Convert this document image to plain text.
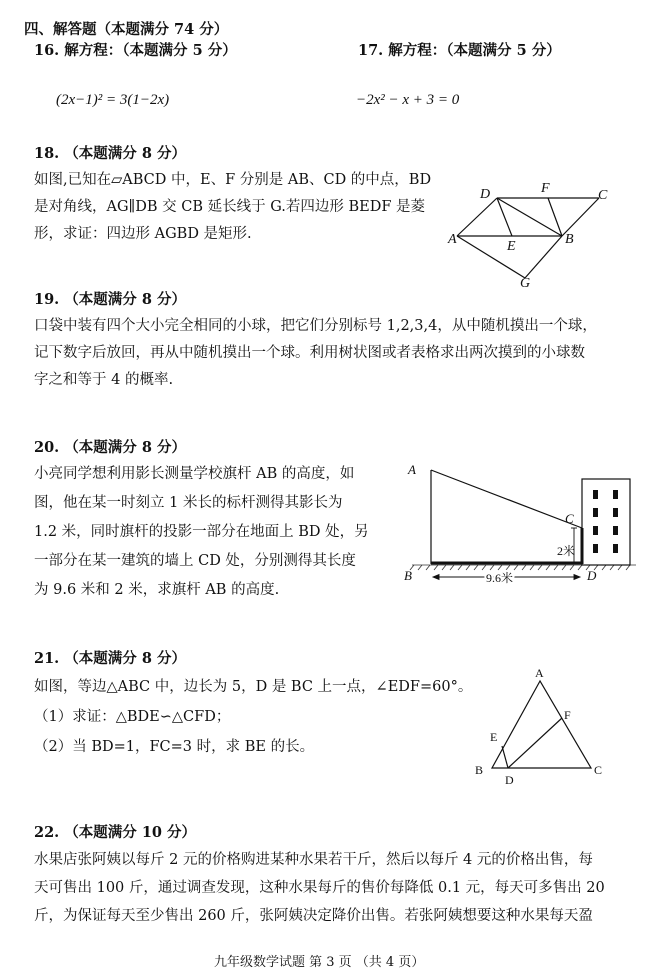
四、解答题（本题满分 74 分）
16. 解方程：（本题满分 5 分）	17. 解方程：（本题满分 5 分）
(2x−1)² = 3(1−2x)	−2x² − x + 3 = 0
18. （本题满分 8 分）
如图,已知在▱ABCD 中，E、F 分别是 AB、CD 的中点，BD
是对角线，AG∥DB 交 CB 延长线于 G.若四边形 BEDF 是菱
形，求证：四边形 AGBD 是矩形.
D	F	C
A	E	B
G
19. （本题满分 8 分）
口袋中装有四个大小完全相同的小球，把它们分别标号 1,2,3,4，从中随机摸出一个球，
记下数字后放回，再从中随机摸出一个球。利用树状图或者表格求出两次摸到的小球数
字之和等于 4 的概率.
20. （本题满分 8 分）
小亮同学想利用影长测量学校旗杆 AB 的高度，如
图，他在某一时刻立 1 米长的标杆测得其影长为
1.2 米，同时旗杆的投影一部分在地面上 BD 处，另
一部分在某一建筑的墙上 CD 处，分别测得其长度
为 9.6 米和 2 米，求旗杆 AB 的高度.
A
C
B	D
2米
9.6米
21. （本题满分 8 分）
如图，等边△ABC 中，边长为 5，D 是 BC 上一点，∠EDF=60°。
（1）求证：△BDE∽△CFD；
（2）当 BD=1，FC=3 时，求 BE 的长。
A
F
E
B
D
C
22. （本题满分 10 分）
水果店张阿姨以每斤 2 元的价格购进某种水果若干斤，然后以每斤 4 元的价格出售，每
天可售出 100 斤，通过调查发现，这种水果每斤的售价每降低 0.1 元，每天可多售出 20
斤，为保证每天至少售出 260 斤，张阿姨决定降价出售。若张阿姨想要这种水果每天盈
九年级数学试题 第 3 页 （共 4 页）
